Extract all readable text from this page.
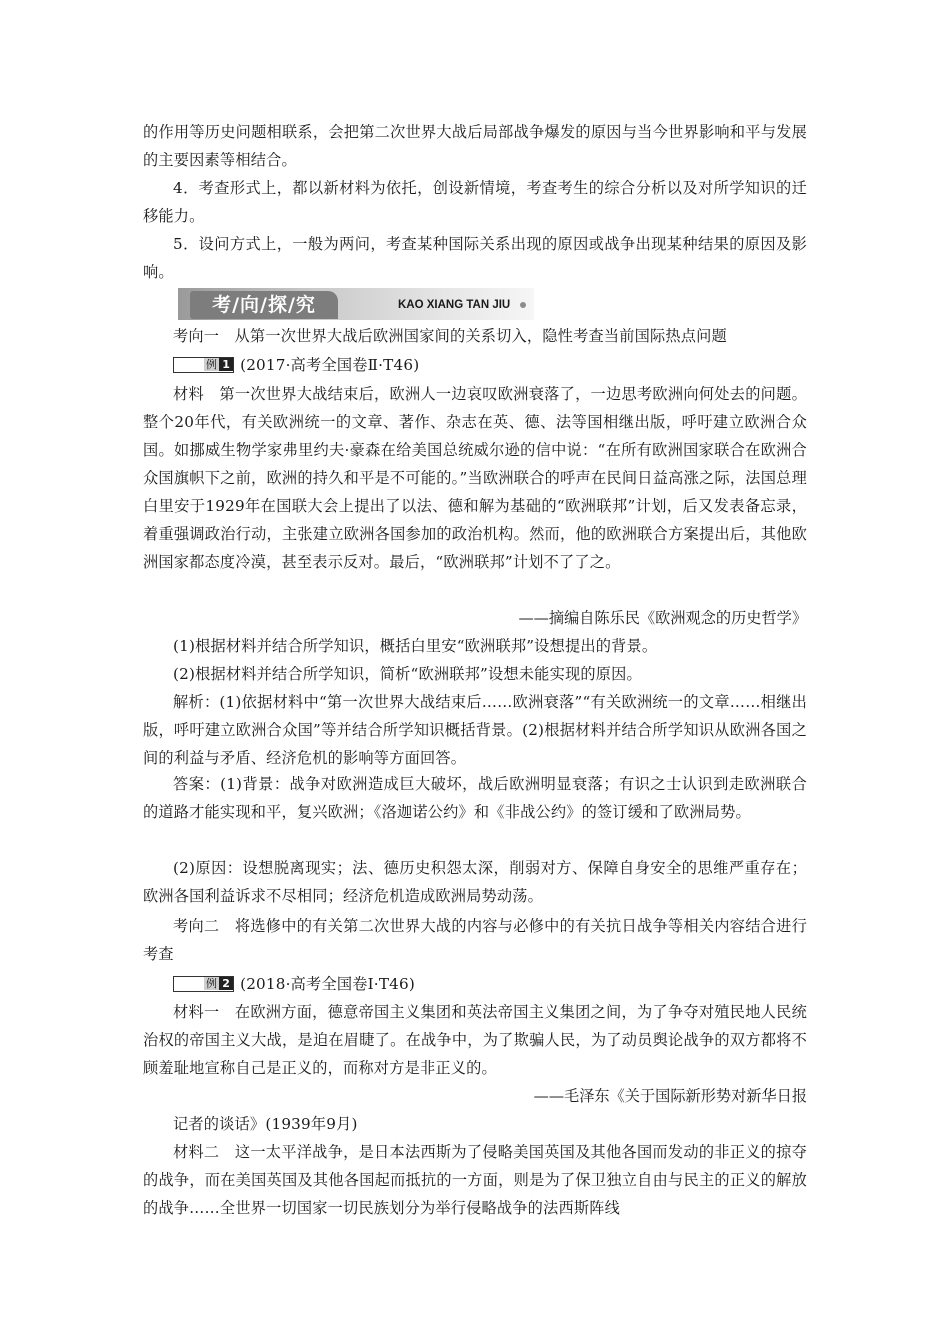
的作用等历史问题相联系，会把第二次世界大战后局部战争爆发的原因与当今世界影响和平与发展的主要因素等相结合。

4．考查形式上，都以新材料为依托，创设新情境，考查考生的综合分析以及对所学知识的迁移能力。

5．设问方式上，一般为两问，考查某种国际关系出现的原因或战争出现某种结果的原因及影响。

考/向/探/究	KAO XIANG TAN JIU

考向一　从第一次世界大战后欧洲国家间的关系切入，隐性考查当前国际热点问题

例 1 (2017·高考全国卷Ⅱ·T46)

材料　第一次世界大战结束后，欧洲人一边哀叹欧洲衰落了，一边思考欧洲向何处去的问题。整个20年代，有关欧洲统一的文章、著作、杂志在英、德、法等国相继出版，呼吁建立欧洲合众国。如挪威生物学家弗里约夫·豪森在给美国总统威尔逊的信中说：“在所有欧洲国家联合在欧洲合众国旗帜下之前，欧洲的持久和平是不可能的。”当欧洲联合的呼声在民间日益高涨之际，法国总理白里安于1929年在国联大会上提出了以法、德和解为基础的“欧洲联邦”计划，后又发表备忘录，着重强调政治行动，主张建立欧洲各国参加的政治机构。然而，他的欧洲联合方案提出后，其他欧洲国家都态度冷漠，甚至表示反对。最后，“欧洲联邦”计划不了了之。

——摘编自陈乐民《欧洲观念的历史哲学》

(1)根据材料并结合所学知识，概括白里安“欧洲联邦”设想提出的背景。

(2)根据材料并结合所学知识，简析“欧洲联邦”设想未能实现的原因。

解析：(1)依据材料中“第一次世界大战结束后……欧洲衰落”“有关欧洲统一的文章……相继出版，呼吁建立欧洲合众国”等并结合所学知识概括背景。(2)根据材料并结合所学知识从欧洲各国之间的利益与矛盾、经济危机的影响等方面回答。

答案：(1)背景：战争对欧洲造成巨大破坏，战后欧洲明显衰落；有识之士认识到走欧洲联合的道路才能实现和平，复兴欧洲；《洛迦诺公约》和《非战公约》的签订缓和了欧洲局势。

(2)原因：设想脱离现实；法、德历史积怨太深，削弱对方、保障自身安全的思维严重存在；欧洲各国利益诉求不尽相同；经济危机造成欧洲局势动荡。

考向二　将选修中的有关第二次世界大战的内容与必修中的有关抗日战争等相关内容结合进行考查

例 2 (2018·高考全国卷Ⅰ·T46)

材料一　在欧洲方面，德意帝国主义集团和英法帝国主义集团之间，为了争夺对殖民地人民统治权的帝国主义大战，是迫在眉睫了。在战争中，为了欺骗人民，为了动员舆论战争的双方都将不顾羞耻地宣称自己是正义的，而称对方是非正义的。

——毛泽东《关于国际新形势对新华日报

记者的谈话》(1939年9月)

材料二　这一太平洋战争，是日本法西斯为了侵略美国英国及其他各国而发动的非正义的掠夺的战争，而在美国英国及其他各国起而抵抗的一方面，则是为了保卫独立自由与民主的正义的解放的战争……全世界一切国家一切民族划分为举行侵略战争的法西斯阵线
